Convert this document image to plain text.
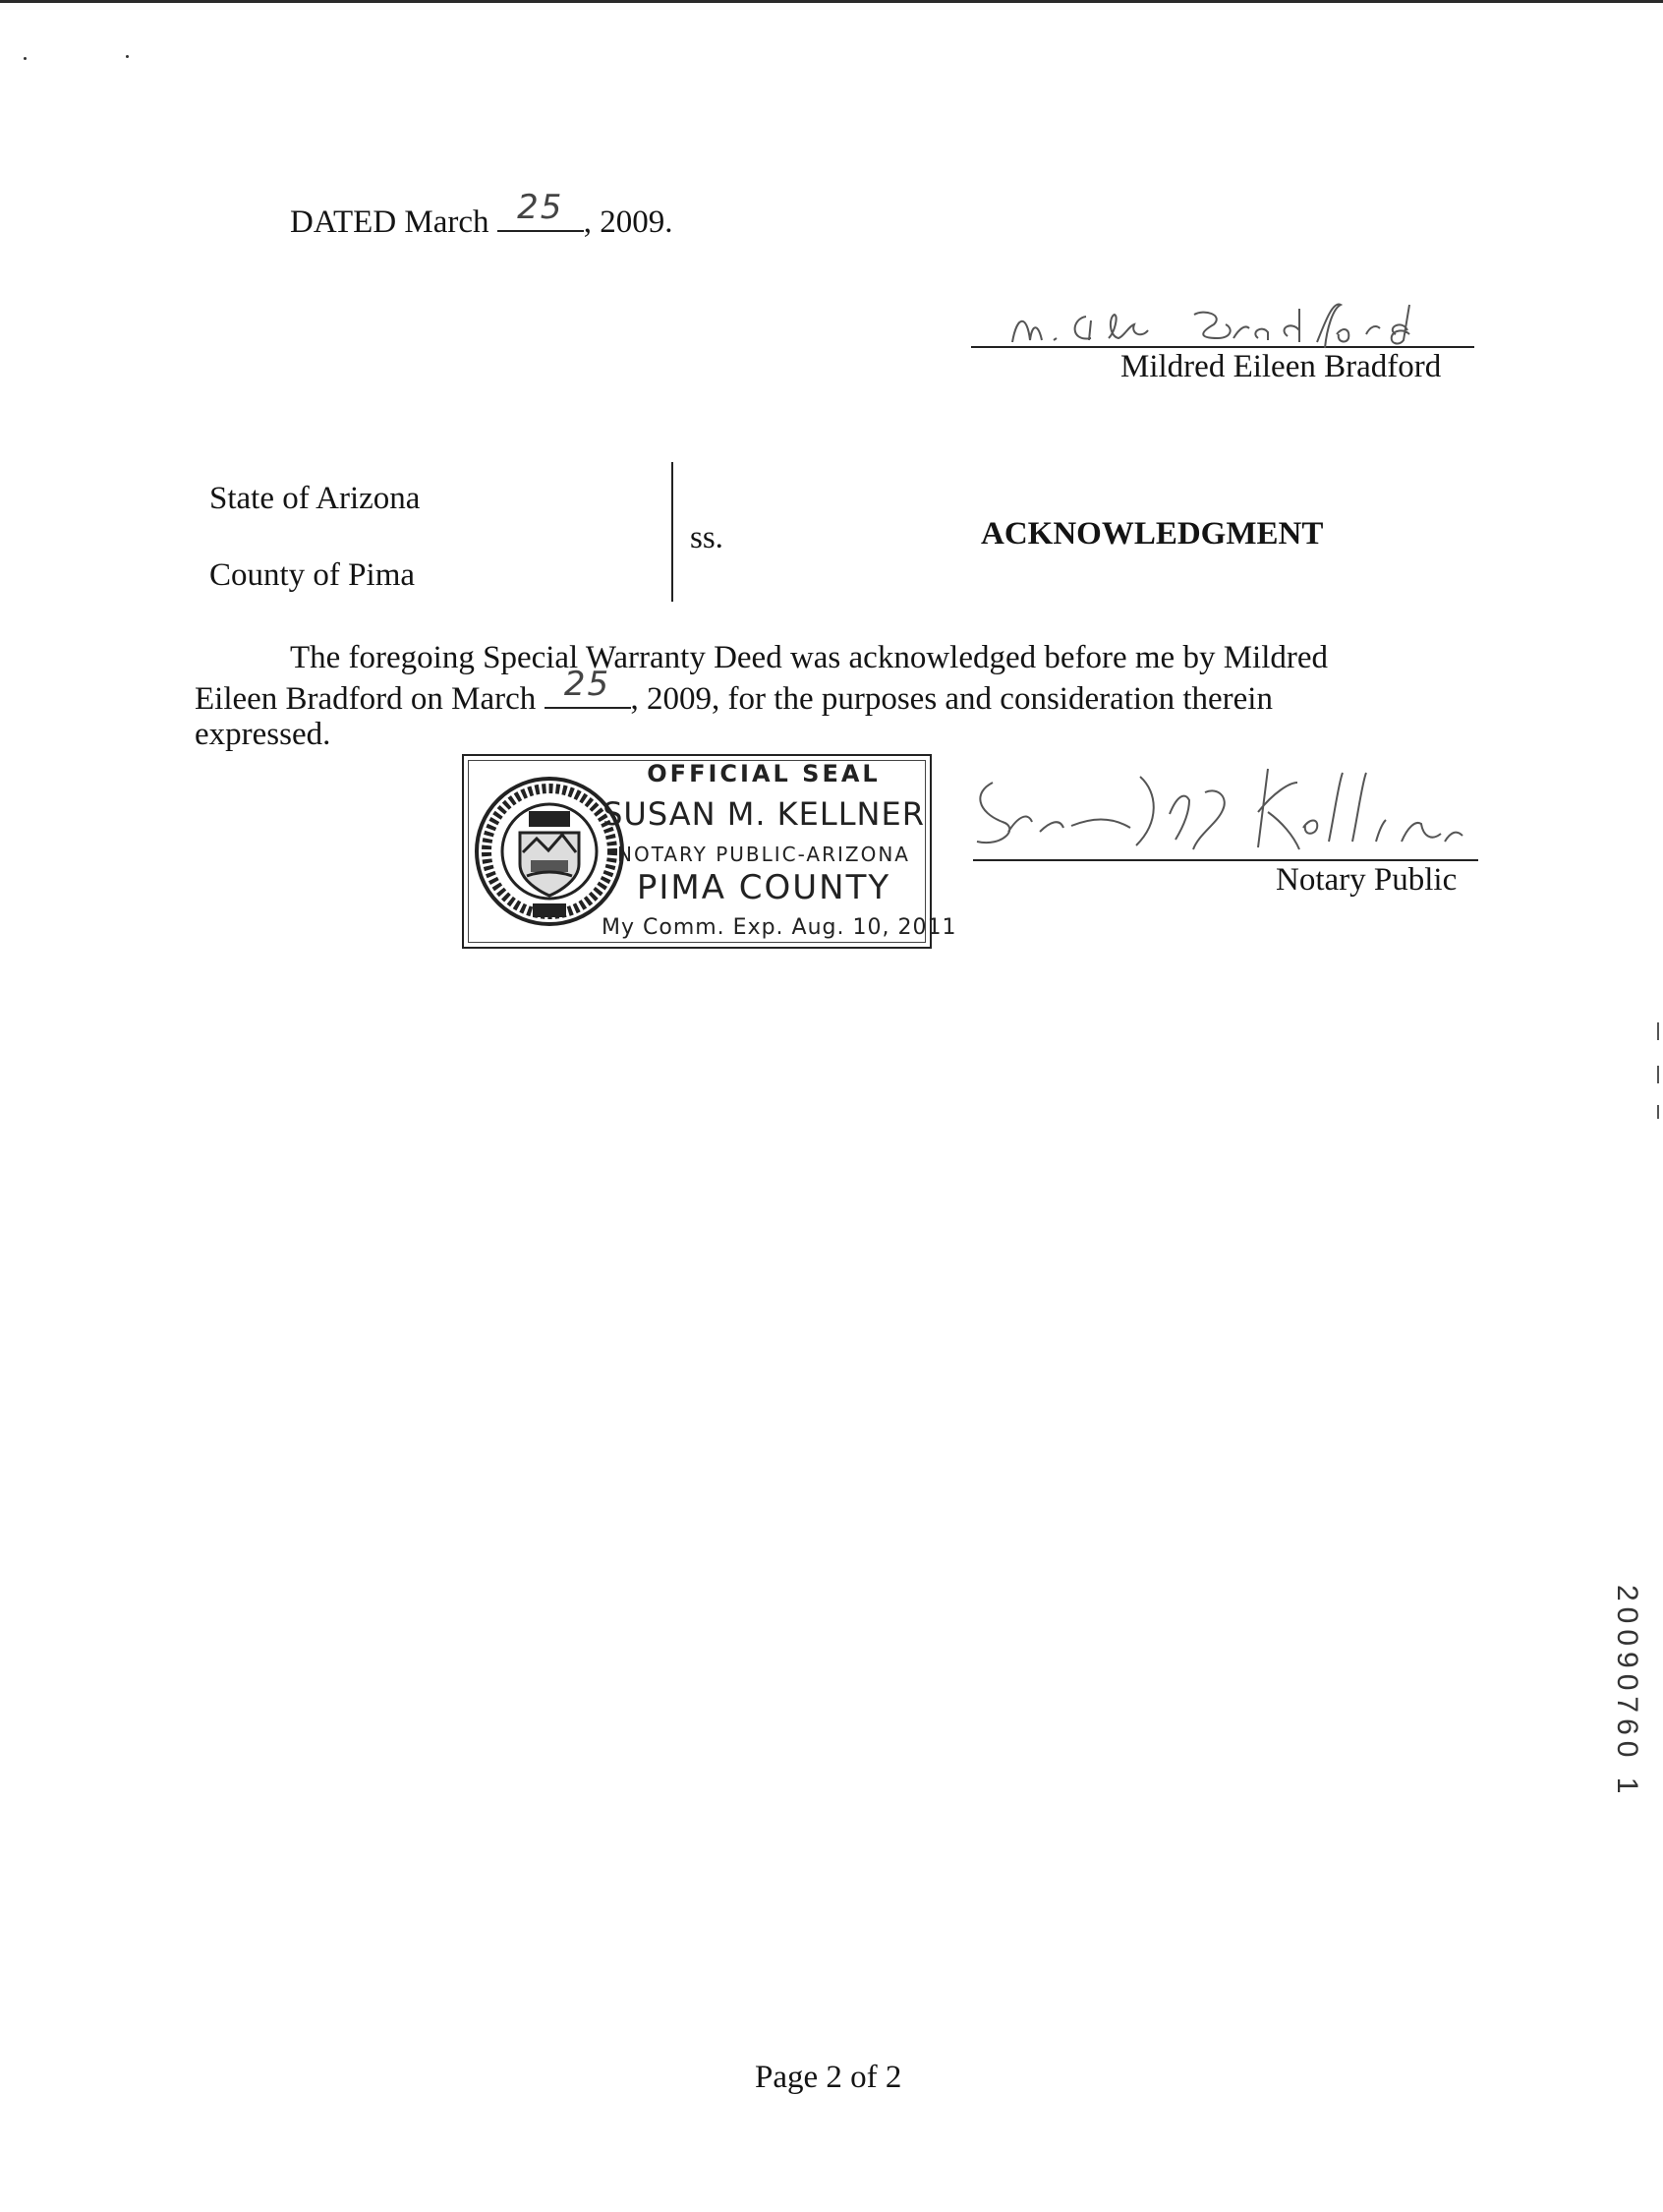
DATED March 25 , 2009.
Mildred Eileen Bradford
State of Arizona
County of Pima
ss.	ACKNOWLEDGMENT
The foregoing Special Warranty Deed was acknowledged before me by Mildred
Eileen Bradford on March 25 , 2009, for the purposes and consideration therein
expressed.
OFFICIAL SEAL
SUSAN M. KELLNER
NOTARY PUBLIC-ARIZONA
PIMA COUNTY
My Comm. Exp. Aug. 10, 2011
Notary Public
20090760 1
Page 2 of 2
